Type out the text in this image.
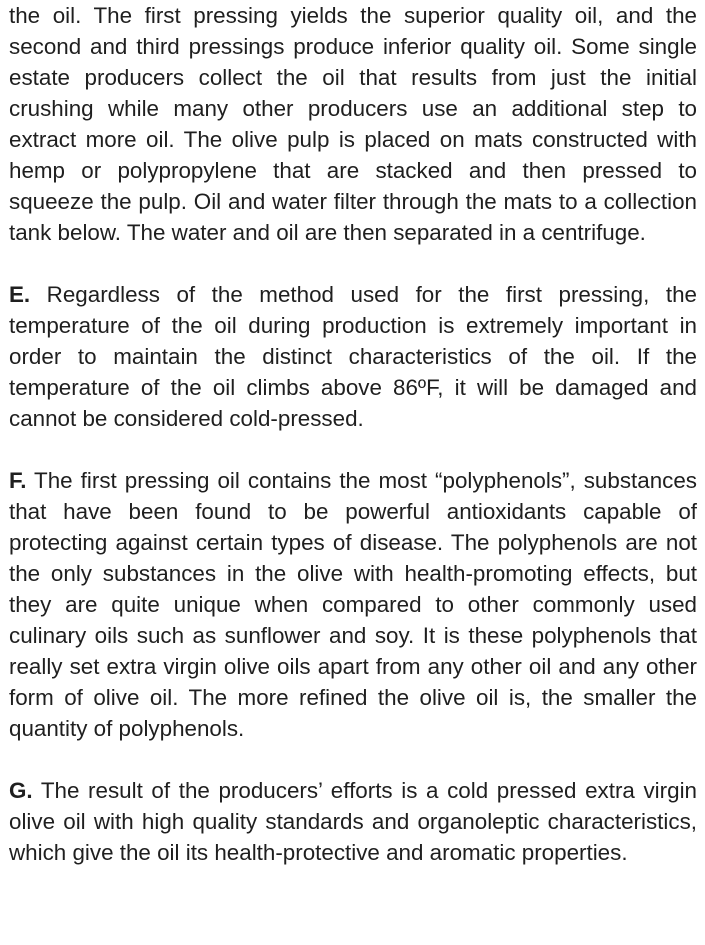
the oil. The first pressing yields the superior quality oil, and the second and third pressings produce inferior quality oil. Some single estate producers collect the oil that results from just the initial crushing while many other producers use an additional step to extract more oil. The olive pulp is placed on mats constructed with hemp or polypropylene that are stacked and then pressed to squeeze the pulp. Oil and water filter through the mats to a collection tank below. The water and oil are then separated in a centrifuge.

E. Regardless of the method used for the first pressing, the temperature of the oil during production is extremely important in order to maintain the distinct characteristics of the oil. If the temperature of the oil climbs above 86ºF, it will be damaged and cannot be considered cold-pressed.

F. The first pressing oil contains the most “polyphenols”, substances that have been found to be powerful antioxidants capable of protecting against certain types of disease. The polyphenols are not the only substances in the olive with health-promoting effects, but they are quite unique when compared to other commonly used culinary oils such as sunflower and soy. It is these polyphenols that really set extra virgin olive oils apart from any other oil and any other form of olive oil. The more refined the olive oil is, the smaller the quantity of polyphenols.

G. The result of the producers’ efforts is a cold pressed extra virgin olive oil with high quality standards and organoleptic characteristics, which give the oil its health-protective and aromatic properties.
